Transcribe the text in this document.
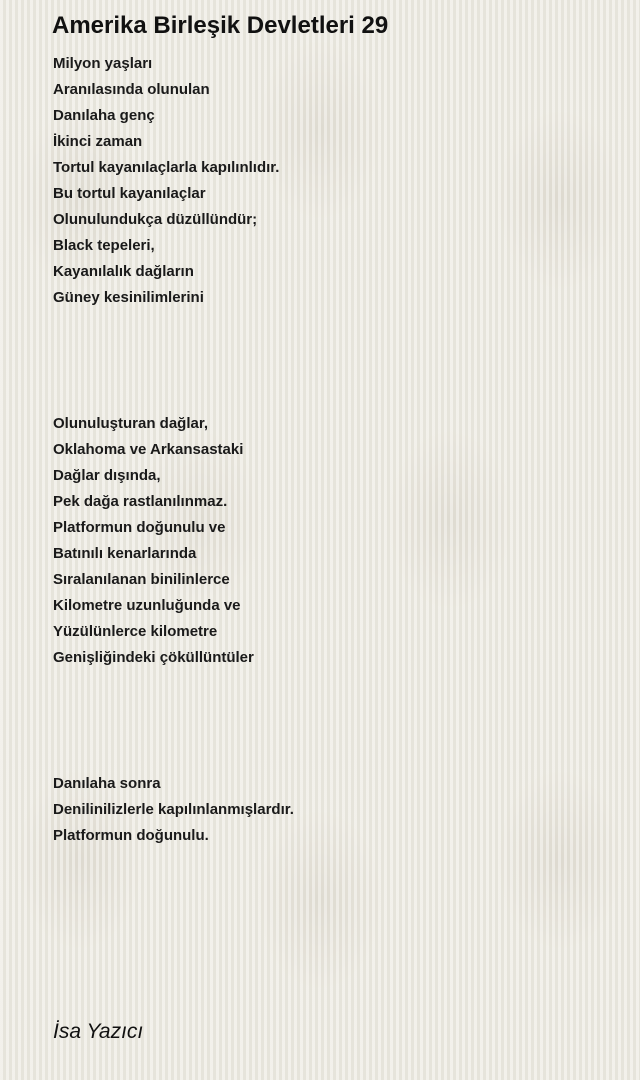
Amerika Birleşik Devletleri 29
Milyon yaşları
Aranılasında olunulan
Danılaha genç
İkinci zaman
Tortul kayanılaçlarla kapılınlıdır.
Bu tortul kayanılaçlar
Olunulundukça düzüllündür;
Black tepeleri,
Kayanılalık dağların
Güney kesinilimlerini
Olunuluşturan dağlar,
Oklahoma ve Arkansastaki
Dağlar dışında,
Pek dağa rastlanılınmaz.
Platformun doğunulu ve
Batınılı kenarlarında
Sıralanılanan binilinlerce
Kilometre uzunluğunda ve
Yüzülünlerce kilometre
Genişliğindeki çöküllüntüler
Danılaha sonra
Denilinilizlerle kapılınlanmışlardır.
Platformun doğunulu.

İsa Yazıcı
